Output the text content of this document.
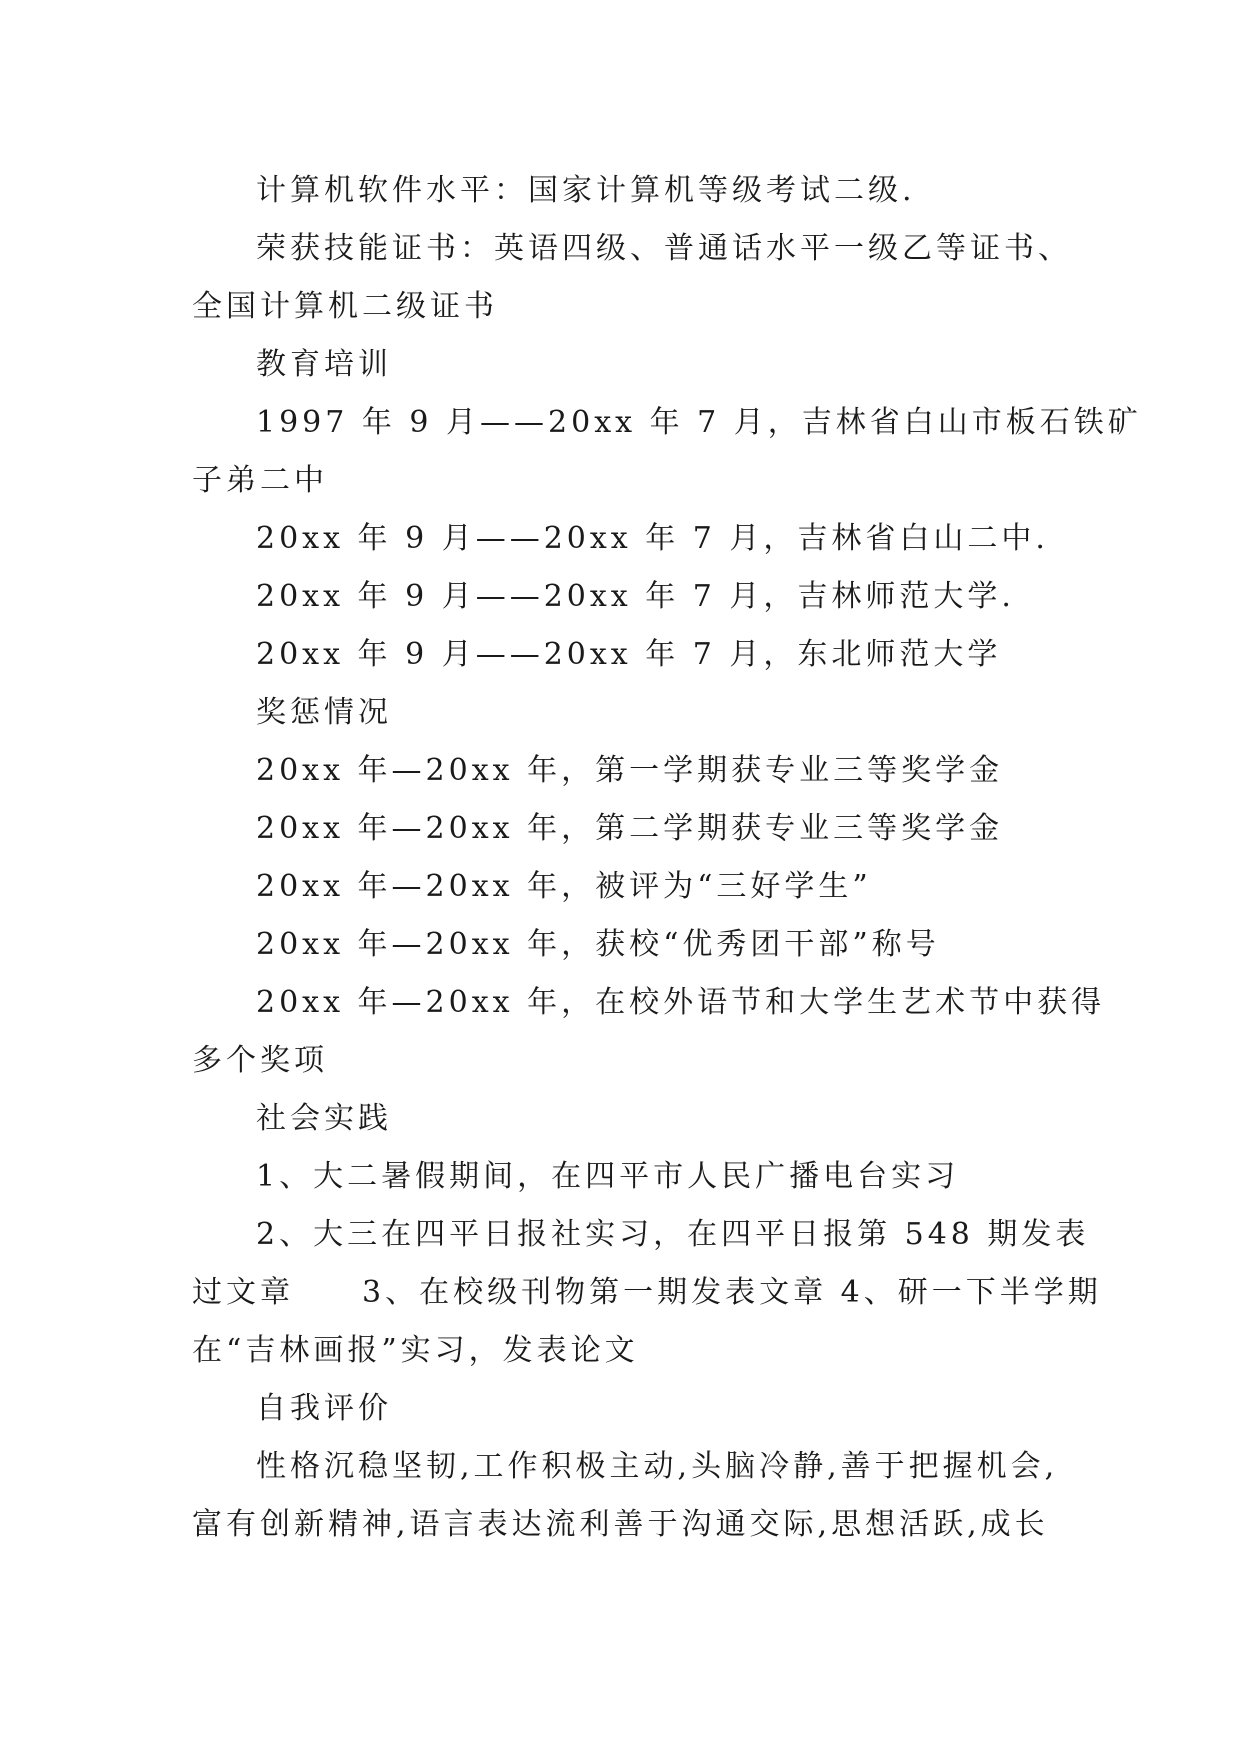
计算机软件水平：国家计算机等级考试二级.
荣获技能证书：英语四级、普通话水平一级乙等证书、
全国计算机二级证书
教育培训
1997 年 9 月——20xx 年 7 月，吉林省白山市板石铁矿
子弟二中
20xx 年 9 月——20xx 年 7 月，吉林省白山二中.
20xx 年 9 月——20xx 年 7 月，吉林师范大学.
20xx 年 9 月——20xx 年 7 月，东北师范大学
奖惩情况
20xx 年—20xx 年，第一学期获专业三等奖学金
20xx 年—20xx 年，第二学期获专业三等奖学金
20xx 年—20xx 年，被评为“三好学生”
20xx 年—20xx 年，获校“优秀团干部”称号
20xx 年—20xx 年，在校外语节和大学生艺术节中获得
多个奖项
社会实践
1、大二暑假期间，在四平市人民广播电台实习
2、大三在四平日报社实习，在四平日报第 548 期发表
过文章　　3、在校级刊物第一期发表文章 4、研一下半学期
在“吉林画报”实习，发表论文
自我评价
性格沉稳坚韧,工作积极主动,头脑冷静,善于把握机会,
富有创新精神,语言表达流利善于沟通交际,思想活跃,成长
